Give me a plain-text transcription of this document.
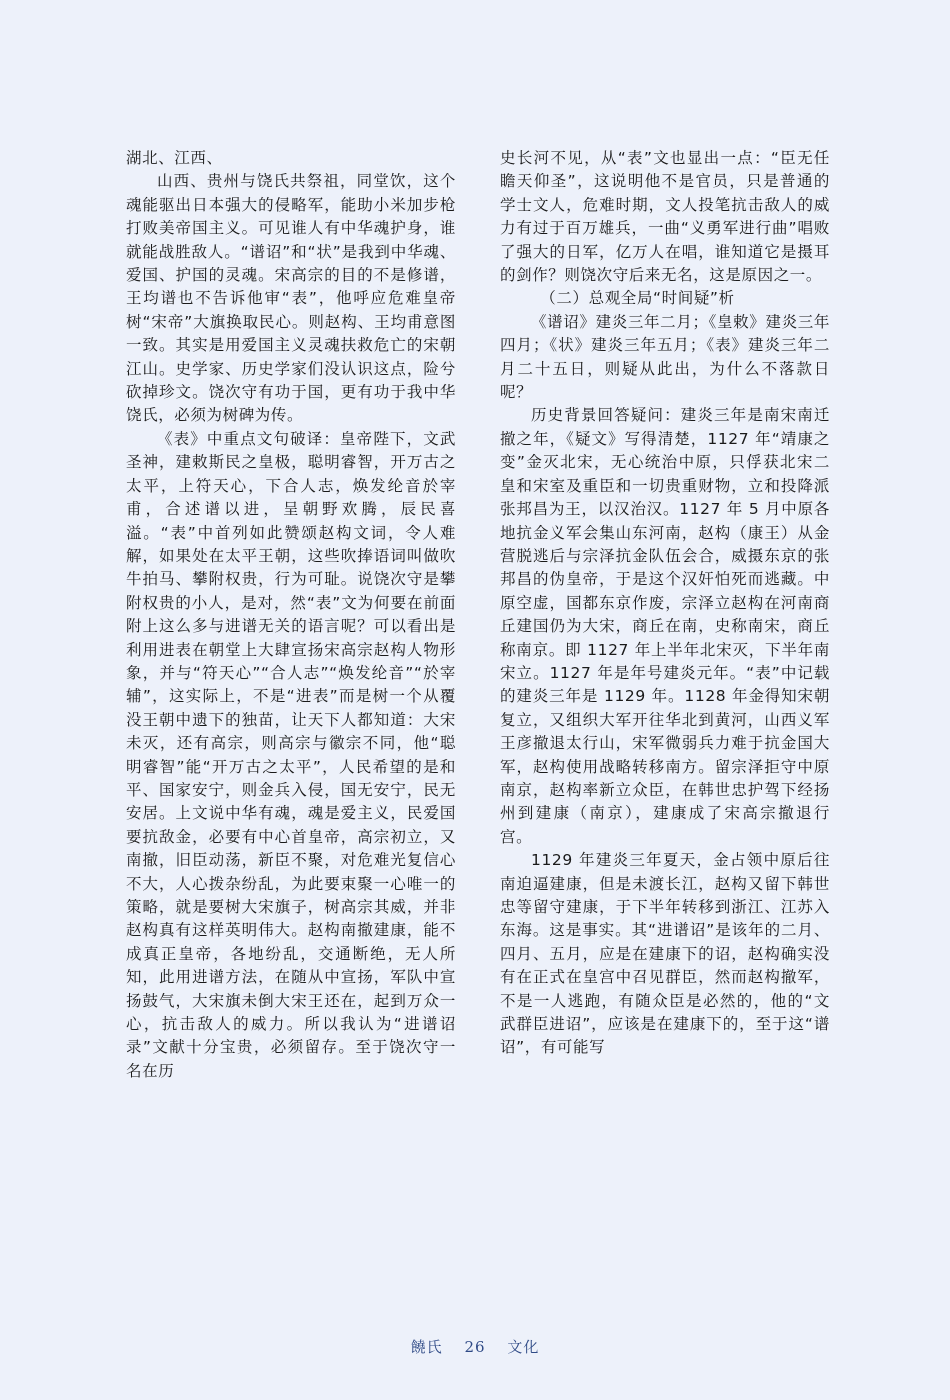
湖北、江西、

山西、贵州与饶氏共祭祖，同堂饮，这个魂能驱出日本强大的侵略军，能助小米加步枪打败美帝国主义。可见谁人有中华魂护身，谁就能战胜敌人。“谱诏”和“状”是我到中华魂、爱国、护国的灵魂。宋高宗的目的不是修谱，王均谱也不告诉他审“表”，他呼应危难皇帝树“宋帝”大旗换取民心。则赵构、王均甫意图一致。其实是用爱国主义灵魂扶救危亡的宋朝江山。史学家、历史学家们没认识这点，险兮砍掉珍文。饶次守有功于国，更有功于我中华饶氏，必须为树碑为传。

《表》中重点文句破译：皇帝陛下，文武圣神，建敕斯民之皇极，聪明睿智，开万古之太平，上符天心，下合人志，焕发纶音於宰甫，合述谱以进，呈朝野欢腾，辰民喜溢。“表”中首列如此赞颂赵构文词，令人难解，如果处在太平王朝，这些吹捧语词叫做吹牛拍马、攀附权贵，行为可耻。说饶次守是攀附权贵的小人，是对，然“表”文为何要在前面附上这么多与进谱无关的语言呢？可以看出是利用进表在朝堂上大肆宣扬宋高宗赵构人物形象，并与“符天心”“合人志”“焕发纶音”“於宰辅”，这实际上，不是“进表”而是树一个从覆没王朝中遗下的独苗，让天下人都知道：大宋未灭，还有高宗，则高宗与徽宗不同，他“聪明睿智”能“开万古之太平”，人民希望的是和平、国家安宁，则金兵入侵，国无安宁，民无安居。上文说中华有魂，魂是爱主义，民爱国要抗敌金，必要有中心首皇帝，高宗初立，又南撤，旧臣动荡，新臣不聚，对危难光复信心不大，人心拨杂纷乱，为此要束聚一心唯一的策略，就是要树大宋旗子，树高宗其威，并非赵构真有这样英明伟大。赵构南撤建康，能不成真正皇帝，各地纷乱，交通断绝，无人所知，此用进谱方法，在随从中宣扬，军队中宣扬鼓气，大宋旗未倒大宋王还在，起到万众一心，抗击敌人的威力。所以我认为“进谱诏录”文献十分宝贵，必须留存。至于饶次守一名在历

史长河不见，从“表”文也显出一点：“臣无任瞻天仰圣”，这说明他不是官员，只是普通的学士文人，危难时期，文人投笔抗击敌人的威力有过于百万雄兵，一曲“义勇军进行曲”唱败了强大的日军，亿万人在唱，谁知道它是摄耳的剑作？则饶次守后来无名，这是原因之一。

（二）总观全局“时间疑”析

《谱诏》建炎三年二月；《皇敕》建炎三年四月；《状》建炎三年五月；《表》建炎三年二月二十五日，则疑从此出，为什么不落款日呢？

历史背景回答疑问：建炎三年是南宋南迁撤之年，《疑文》写得清楚，1127 年“靖康之变”金灭北宋，无心统治中原，只俘获北宋二皇和宋室及重臣和一切贵重财物，立和投降派张邦昌为王，以汉治汉。1127 年 5 月中原各地抗金义军会集山东河南，赵构（康王）从金营脱逃后与宗泽抗金队伍会合，威摄东京的张邦昌的伪皇帝，于是这个汉奸怕死而逃藏。中原空虚，国都东京作废，宗泽立赵构在河南商丘建国仍为大宋，商丘在南，史称南宋，商丘称南京。即 1127 年上半年北宋灭，下半年南宋立。1127 年是年号建炎元年。“表”中记载的建炎三年是 1129 年。1128 年金得知宋朝复立，又组织大军开往华北到黄河，山西义军王彦撤退太行山，宋军微弱兵力难于抗金国大军，赵构使用战略转移南方。留宗泽拒守中原南京，赵构率新立众臣，在韩世忠护驾下经扬州到建康（南京），建康成了宋高宗撤退行宫。

1129 年建炎三年夏天，金占领中原后往南迫逼建康，但是未渡长江，赵构又留下韩世忠等留守建康，于下半年转移到浙江、江苏入东海。这是事实。其“进谱诏”是该年的二月、四月、五月，应是在建康下的诏，赵构确实没有在正式在皇宫中召见群臣，然而赵构撤军，不是一人逃跑，有随众臣是必然的，他的“文武群臣进诏”，应该是在建康下的，至于这“谱诏”，有可能写

饒氏 26 文化
